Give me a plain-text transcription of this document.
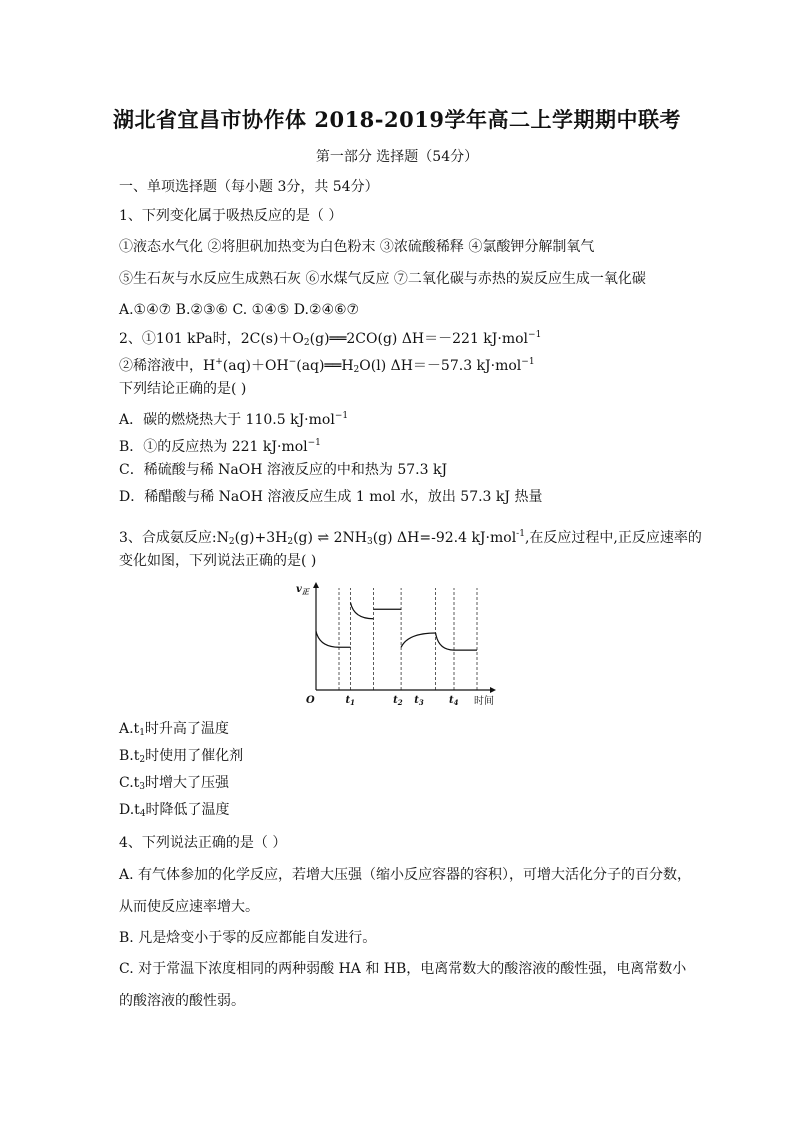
湖北省宜昌市协作体 2018-2019学年高二上学期期中联考
第一部分 选择题（54分）
一、单项选择题（每小题 3分，共 54分）
1、下列变化属于吸热反应的是（ ）
①液态水气化 ②将胆矾加热变为白色粉末 ③浓硫酸稀释 ④氯酸钾分解制氧气
⑤生石灰与水反应生成熟石灰 ⑥水煤气反应 ⑦二氧化碳与赤热的炭反应生成一氧化碳
A.①④⑦ B.②③⑥ C. ①④⑤ D.②④⑥⑦
2、①101 kPa时，2C(s)＋O2(g)══2CO(g) ΔH＝－221 kJ·mol$^{-1}$
②稀溶液中，H+(aq)＋OH−(aq)══H2O(l) ΔH＝－57.3 kJ·mol$^{-1}$
下列结论正确的是( )
A．碳的燃烧热大于 110.5 kJ·mol$^{-1}$
B．①的反应热为 221 kJ·mol$^{-1}$
C．稀硫酸与稀 NaOH 溶液反应的中和热为 57.3 kJ
D．稀醋酸与稀 NaOH 溶液反应生成 1 mol 水，放出 57.3 kJ 热量
3、合成氨反应:N2(g)+3H2(g) ⇌ 2NH3(g) ΔH=-92.4 kJ·mol$^{-1}$,在反应过程中,正反应速率的
变化如图，下列说法正确的是( )
$v_正$
O	时间
$t_1$	$t_2$ $t_3$	$t_4$
A.t1时升高了温度
B.t2时使用了催化剂
C.t3时增大了压强
D.t4时降低了温度
4、下列说法正确的是（ ）
A. 有气体参加的化学反应，若增大压强（缩小反应容器的容积），可增大活化分子的百分数，
从而使反应速率增大。
B. 凡是焓变小于零的反应都能自发进行。
C. 对于常温下浓度相同的两种弱酸 HA 和 HB，电离常数大的酸溶液的酸性强，电离常数小
的酸溶液的酸性弱。
